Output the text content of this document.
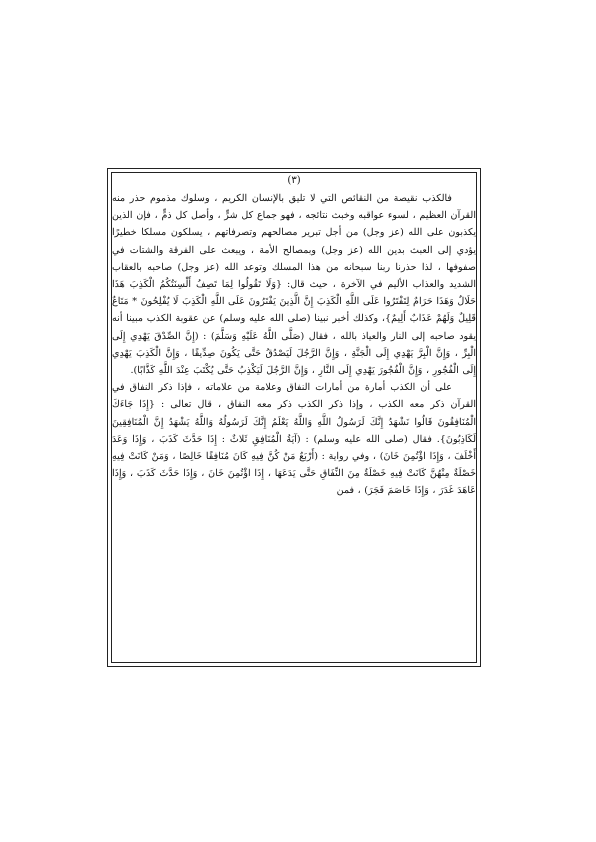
(٣)

فالكذب نقيصة من النقائص التي لا تليق بالإنسان الكريم ، وسلوك مذموم حذر منه القرآن العظيم ، لسوء عواقبه وخبث نتائجه ، فهو جماع كل شرٍّ ، وأصل كل ذمٍّ ، فإن الذين يكذبون على الله (عز وجل) من أجل تبرير مصالحهم وتصرفاتهم ، يسلكون مسلكا خطيرًا يؤدي إلى العبث بدين الله (عز وجل) وبمصالح الأمة ، ويبعث على الفرقة والشتات في صفوفها ، لذا حذرنا ربنا سبحانه من هذا المسلك وتوعد الله (عز وجل) صاحبه بالعقاب الشديد والعذاب الأليم في الآخرة ، حيث قال: {وَلَا تَقُولُوا لِمَا تَصِفُ أَلْسِنَتُكُمُ الْكَذِبَ هَذَا حَلَالٌ وَهَذَا حَرَامٌ لِتَفْتَرُوا عَلَى اللَّهِ الْكَذِبَ إِنَّ الَّذِينَ يَفْتَرُونَ عَلَى اللَّهِ الْكَذِبَ لَا يُفْلِحُونَ * مَتَاعٌ قَلِيلٌ وَلَهُمْ عَذَابٌ أَلِيمٌ}، وكذلك أخبر نبينا (صلى الله عليه وسلم) عن عقوبة الكذب مبينا أنه يقود صاحبه إلى النار والعياذ بالله ، فقال (صَلَّى اللَّهُ عَلَيْهِ وَسَلَّمَ) : (إِنَّ الصِّدْقَ يَهْدِي إِلَى الْبِرِّ ، وَإِنَّ الْبِرَّ يَهْدِي إِلَى الْجَنَّةِ ، وَإِنَّ الرَّجُلَ لَيَصْدُقُ حَتَّى يَكُونَ صِدِّيقًا ، وَإِنَّ الْكَذِبَ يَهْدِي إِلَى الْفُجُورِ ، وَإِنَّ الْفُجُورَ يَهْدِي إِلَى النَّارِ ، وَإِنَّ الرَّجُلَ لَيَكْذِبُ حَتَّى يُكْتَبَ عِنْدَ اللَّهِ كَذَّابًا).

على أن الكذب أمارة من أمارات النفاق وعلامة من علاماته ، فإذا ذكر النفاق في القرآن ذكر معه الكذب ، وإذا ذكر الكذب ذكر معه النفاق ، قال تعالى : {إِذَا جَاءَكَ الْمُنَافِقُونَ قَالُوا نَشْهَدُ إِنَّكَ لَرَسُولُ اللَّهِ وَاللَّهُ يَعْلَمُ إِنَّكَ لَرَسُولُهُ وَاللَّهُ يَشْهَدُ إِنَّ الْمُنَافِقِينَ لَكَاذِبُونَ}. فقال (صلى الله عليه وسلم) : (آيَةُ الْمُنَافِقِ ثَلاثٌ : إِذَا حَدَّثَ كَذَبَ ، وَإِذَا وَعَدَ أَخْلَفَ ، وَإِذَا اؤْتُمِنَ خَانَ) ، وفي رواية : (أَرْبَعٌ مَنْ كُنَّ فِيهِ كَانَ مُنَافِقًا خَالِصًا ، وَمَنْ كَانَتْ فِيهِ خَصْلَةٌ مِنْهُنَّ كَانَتْ فِيهِ خَصْلَةٌ مِنَ النِّفَاقِ حَتَّى يَدَعَهَا ، إِذَا اؤْتُمِنَ خَانَ ، وَإِذَا حَدَّثَ كَذَبَ ، وَإِذَا عَاهَدَ غَدَرَ ، وَإِذَا خَاصَمَ فَجَرَ) ، فمن
